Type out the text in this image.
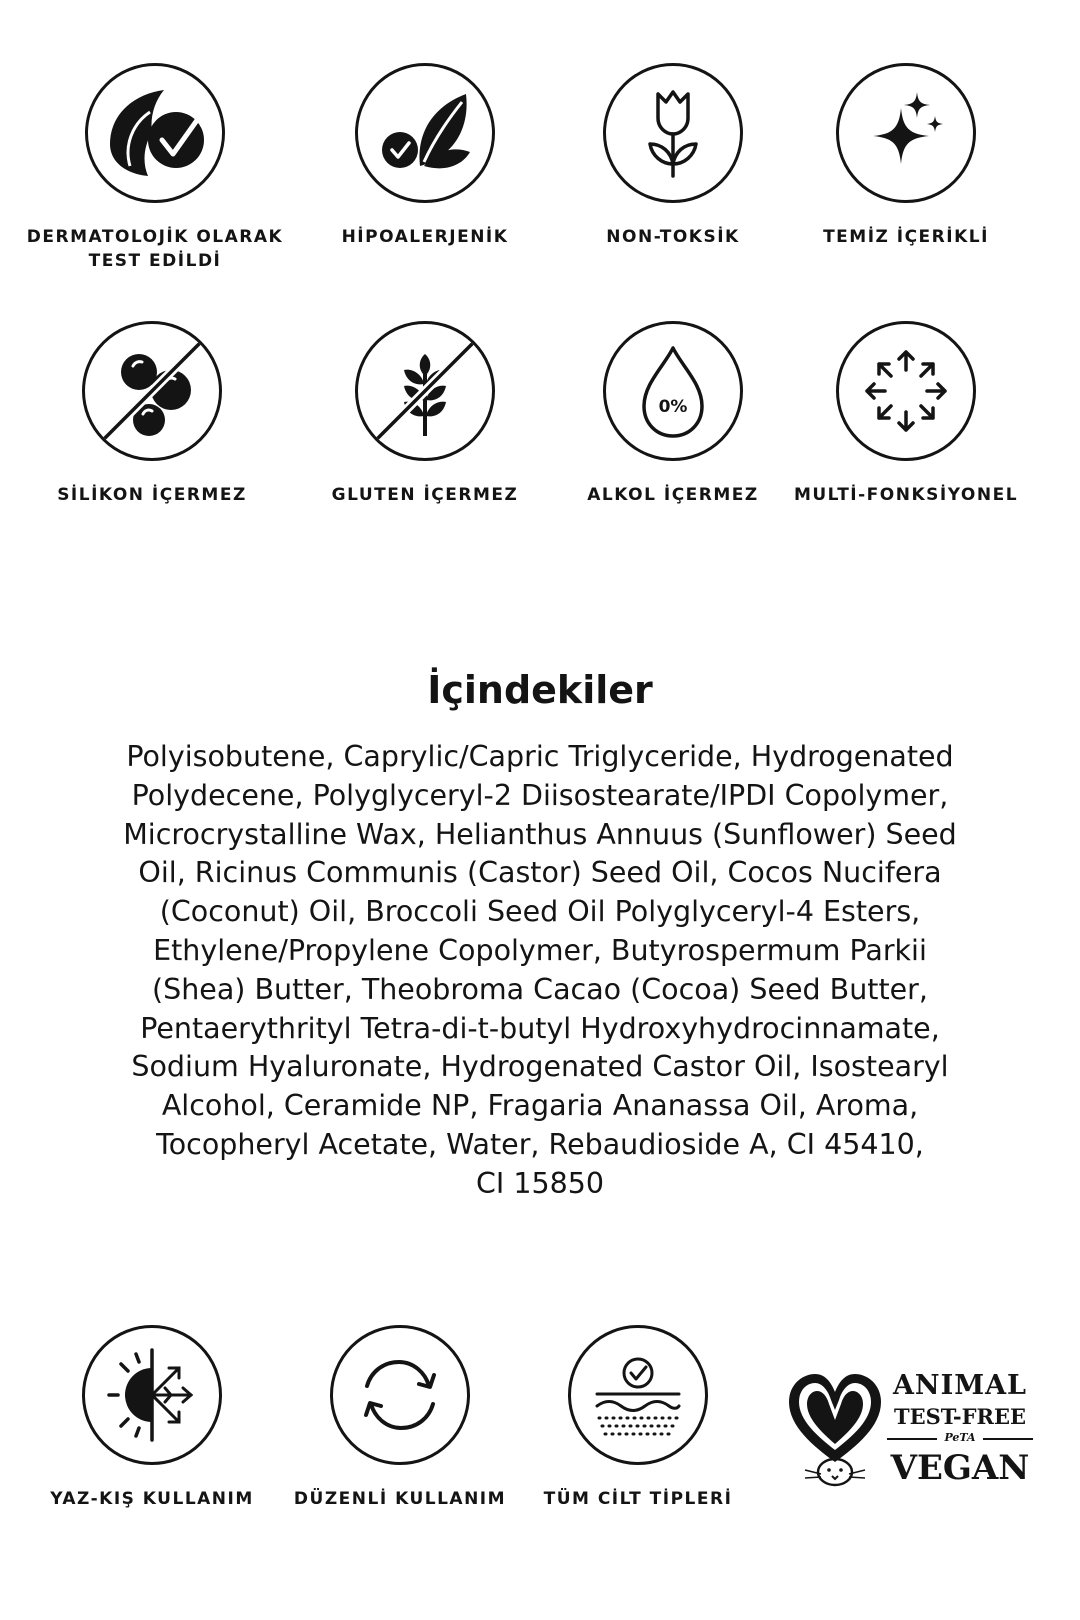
DERMATOLOJİK OLARAK
TEST EDİLDİ
HİPOALERJENİK	NON-TOKSİK	TEMİZ İÇERİKLİ
SİLİKON İÇERMEZ	GLUTEN İÇERMEZ
0%
ALKOL İÇERMEZ	MULTİ-FONKSİYONEL
İçindekiler
Polyisobutene, Caprylic/Capric Triglyceride, Hydrogenated
Polydecene, Polyglyceryl-2 Diisostearate/IPDI Copolymer,
Microcrystalline Wax, Helianthus Annuus (Sunflower) Seed
Oil, Ricinus Communis (Castor) Seed Oil, Cocos Nucifera
(Coconut) Oil, Broccoli Seed Oil Polyglyceryl-4 Esters,
Ethylene/Propylene Copolymer, Butyrospermum Parkii
(Shea) Butter, Theobroma Cacao (Cocoa) Seed Butter,
Pentaerythrityl Tetra-di-t-butyl Hydroxyhydrocinnamate,
Sodium Hyaluronate, Hydrogenated Castor Oil, Isostearyl
Alcohol, Ceramide NP, Fragaria Ananassa Oil, Aroma,
Tocopheryl Acetate, Water, Rebaudioside A, CI 45410,
CI 15850
YAZ-KIŞ KULLANIM	DÜZENLİ KULLANIM	TÜM CİLT TİPLERİ
ANIMAL
TEST-FREE
PeTA
VEGAN
